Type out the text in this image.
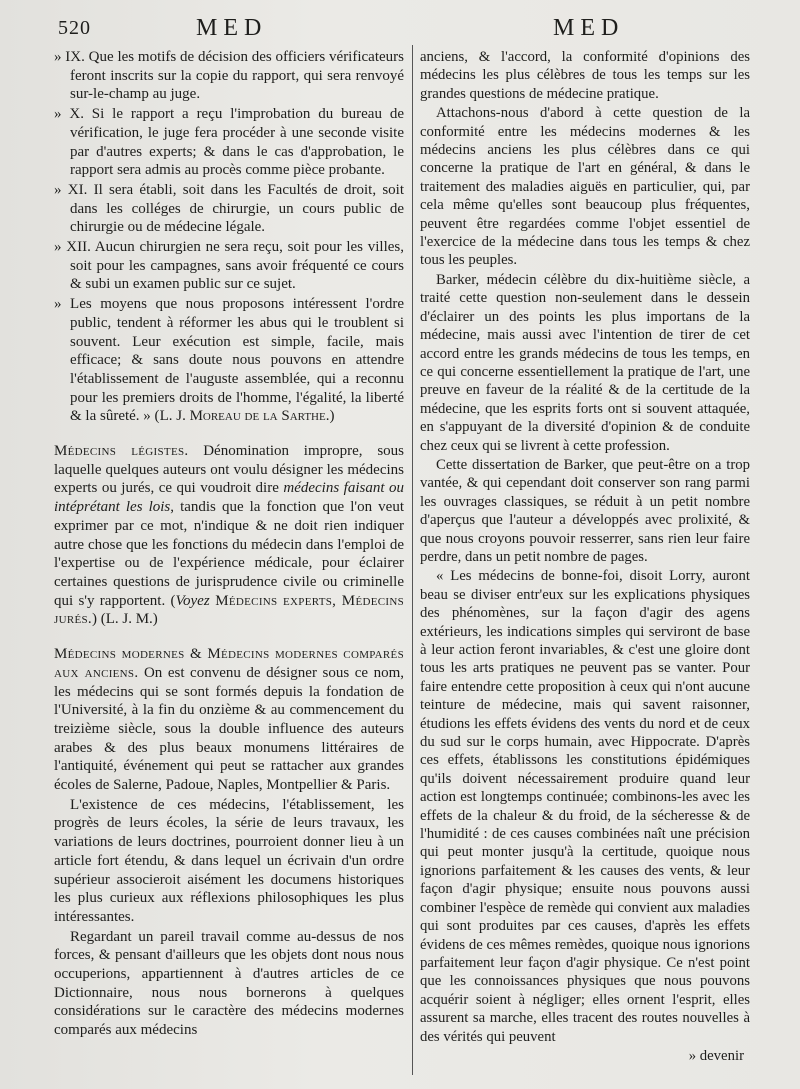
520	MED	MED

» IX. Que les motifs de décision des officiers vérificateurs feront inscrits sur la copie du rapport, qui sera renvoyé sur-le-champ au juge.

» X. Si le rapport a reçu l'improbation du bureau de vérification, le juge fera procéder à une seconde visite par d'autres experts; & dans le cas d'approbation, le rapport sera admis au procès comme pièce probante.

» XI. Il sera établi, soit dans les Facultés de droit, soit dans les colléges de chirurgie, un cours public de chirurgie ou de médecine légale.

» XII. Aucun chirurgien ne sera reçu, soit pour les villes, soit pour les campagnes, sans avoir fréquenté ce cours & subi un examen public sur ce sujet.

» Les moyens que nous proposons intéressent l'ordre public, tendent à réformer les abus qui le troublent si souvent. Leur exécution est simple, facile, mais efficace; & sans doute nous pouvons en attendre l'établissement de l'auguste assemblée, qui a reconnu pour les premiers droits de l'homme, l'égalité, la liberté & la sûreté. » (L. J. Moreau de la Sarthe.)

Médecins légistes. Dénomination impropre, sous laquelle quelques auteurs ont voulu désigner les médecins experts ou jurés, ce qui voudroit dire médecins faisant ou intéprétant les lois, tandis que la fonction que l'on veut exprimer par ce mot, n'indique & ne doit rien indiquer autre chose que les fonctions du médecin dans l'emploi de l'expertise ou de l'expérience médicale, pour éclairer certaines questions de jurisprudence civile ou criminelle qui s'y rapportent. (Voyez Médecins experts, Médecins jurés.) (L. J. M.)

Médecins modernes & Médecins modernes comparés aux anciens. On est convenu de désigner sous ce nom, les médecins qui se sont formés depuis la fondation de l'Université, à la fin du onzième & au commencement du treizième siècle, sous la double influence des auteurs arabes & des plus beaux monumens littéraires de l'antiquité, événement qui peut se rattacher aux grandes écoles de Salerne, Padoue, Naples, Montpellier & Paris.

L'existence de ces médecins, l'établissement, les progrès de leurs écoles, la série de leurs travaux, les variations de leurs doctrines, pourroient donner lieu à un article fort étendu, & dans lequel un écrivain d'un ordre supérieur associeroit aisément les documens historiques les plus curieux aux réflexions philosophiques les plus intéressantes.

Regardant un pareil travail comme au-dessus de nos forces, & pensant d'ailleurs que les objets dont nous nous occuperions, appartiennent à d'autres articles de ce Dictionnaire, nous nous bornerons à quelques considérations sur le caractère des médecins modernes comparés aux médecins

anciens, & l'accord, la conformité d'opinions des médecins les plus célèbres de tous les temps sur les grandes questions de médecine pratique.

Attachons-nous d'abord à cette question de la conformité entre les médecins modernes & les médecins anciens les plus célèbres dans ce qui concerne la pratique de l'art en général, & dans le traitement des maladies aiguës en particulier, qui, par cela même qu'elles sont beaucoup plus fréquentes, peuvent être regardées comme l'objet essentiel de l'exercice de la médecine dans tous les temps & chez tous les peuples.

Barker, médecin célèbre du dix-huitième siècle, a traité cette question non-seulement dans le dessein d'éclairer un des points les plus importans de la médecine, mais aussi avec l'intention de tirer de cet accord entre les grands médecins de tous les temps, en ce qui concerne essentiellement la pratique de l'art, une preuve en faveur de la réalité & de la certitude de la médecine, que les esprits forts ont si souvent attaquée, en s'appuyant de la diversité d'opinion & de conduite chez ceux qui se livrent à cette profession.

Cette dissertation de Barker, que peut-être on a trop vantée, & qui cependant doit conserver son rang parmi les ouvrages classiques, se réduit à un petit nombre d'aperçus que l'auteur a développés avec prolixité, & que nous croyons pouvoir resserrer, sans rien leur faire perdre, dans un petit nombre de pages.

« Les médecins de bonne-foi, disoit Lorry, auront beau se diviser entr'eux sur les explications physiques des phénomènes, sur la façon d'agir des agens extérieurs, les indications simples qui serviront de base à leur action feront invariables, & c'est une gloire dont tous les arts pratiques ne peuvent pas se vanter. Pour faire entendre cette proposition à ceux qui n'ont aucune teinture de médecine, mais qui savent raisonner, étudions les effets évidens des vents du nord et de ceux du sud sur le corps humain, avec Hippocrate. D'après ces effets, établissons les constitutions épidémiques qu'ils doivent nécessairement produire quand leur action est longtemps continuée; combinons-les avec les effets de la chaleur & du froid, de la sécheresse & de l'humidité : de ces causes combinées naît une précision qui peut monter jusqu'à la certitude, quoique nous ignorions parfaitement & les causes des vents, & leur façon d'agir physique; ensuite nous pouvons aussi combiner l'espèce de remède qui convient aux maladies qui sont produites par ces causes, d'après les effets évidens de ces mêmes remèdes, quoique nous ignorions parfaitement leur façon d'agir physique. Ce n'est point que les connoissances physiques que nous pouvons acquérir soient à négliger; elles ornent l'esprit, elles assurent sa marche, elles tracent des routes nouvelles à des vérités qui peuvent

» devenir
